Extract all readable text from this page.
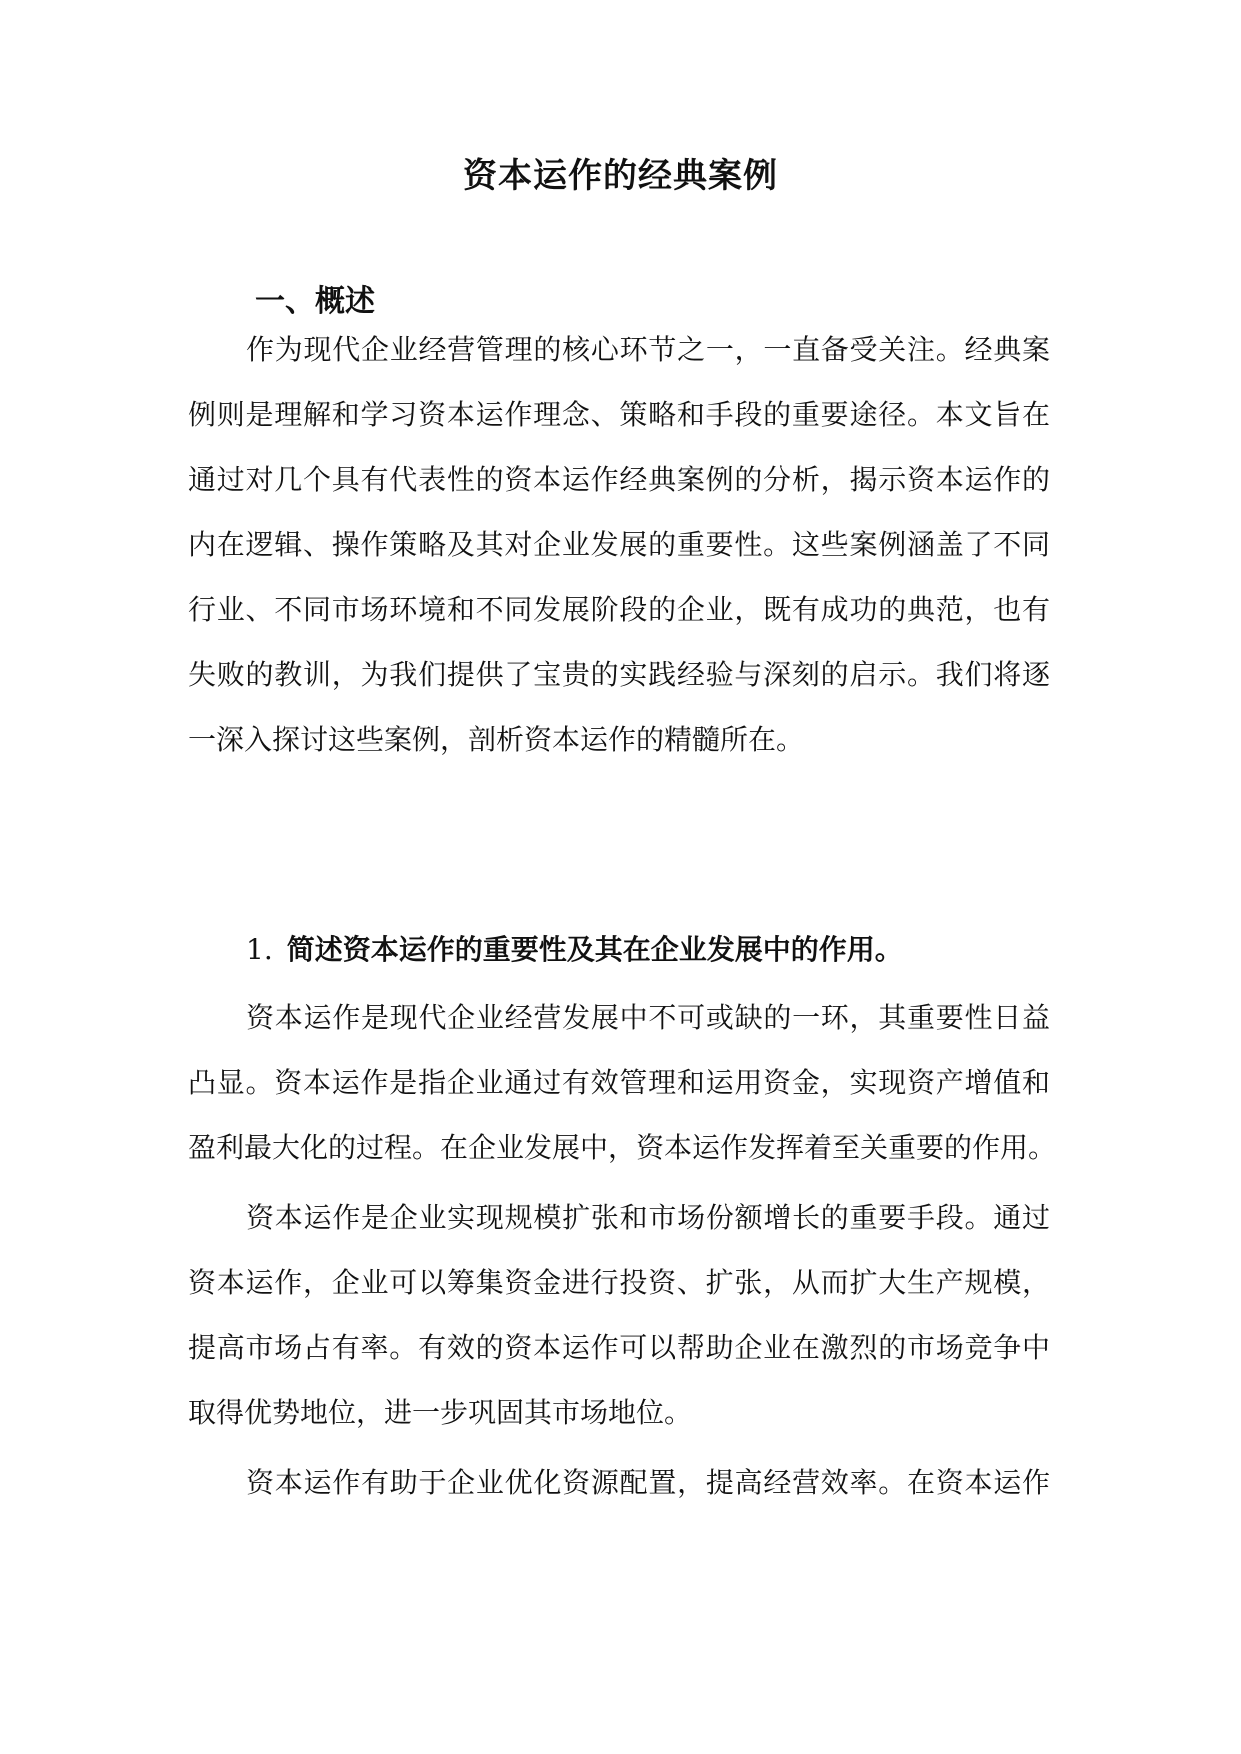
资本运作的经典案例
一、概述

作为现代企业经营管理的核心环节之一，一直备受关注。经典案

例则是理解和学习资本运作理念、策略和手段的重要途径。本文旨在

通过对几个具有代表性的资本运作经典案例的分析，揭示资本运作的

内在逻辑、操作策略及其对企业发展的重要性。这些案例涵盖了不同

行业、不同市场环境和不同发展阶段的企业，既有成功的典范，也有

失败的教训，为我们提供了宝贵的实践经验与深刻的启示。我们将逐

一深入探讨这些案例，剖析资本运作的精髓所在。

1. 简述资本运作的重要性及其在企业发展中的作用。

资本运作是现代企业经营发展中不可或缺的一环，其重要性日益

凸显。资本运作是指企业通过有效管理和运用资金，实现资产增值和

盈利最大化的过程。在企业发展中，资本运作发挥着至关重要的作用。

资本运作是企业实现规模扩张和市场份额增长的重要手段。通过

资本运作，企业可以筹集资金进行投资、扩张，从而扩大生产规模，

提高市场占有率。有效的资本运作可以帮助企业在激烈的市场竞争中

取得优势地位，进一步巩固其市场地位。

资本运作有助于企业优化资源配置，提高经营效率。在资本运作
